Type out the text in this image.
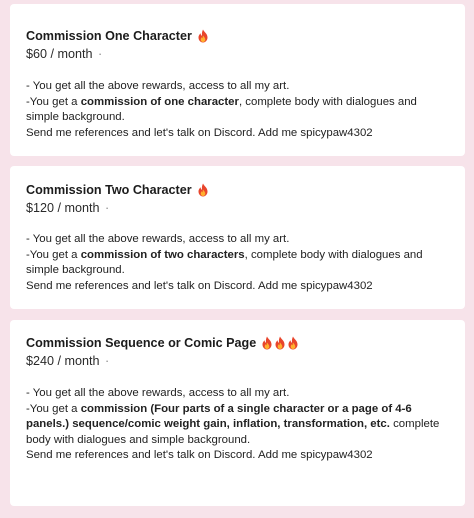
Commission One Character
$60 / month ·
- You get all the above rewards, access to all my art.
-You get a commission of one character, complete body with dialogues and simple background.
Send me references and let's talk on Discord. Add me spicypaw4302
Commission Two Character
$120 / month ·
- You get all the above rewards, access to all my art.
-You get a commission of two characters, complete body with dialogues and simple background.
Send me references and let's talk on Discord. Add me spicypaw4302
Commission Sequence or Comic Page
$240 / month ·
- You get all the above rewards, access to all my art.
-You get a commission (Four parts of a single character or a page of 4-6 panels.) sequence/comic weight gain, inflation, transformation, etc. complete body with dialogues and simple background.
Send me references and let's talk on Discord. Add me spicypaw4302
